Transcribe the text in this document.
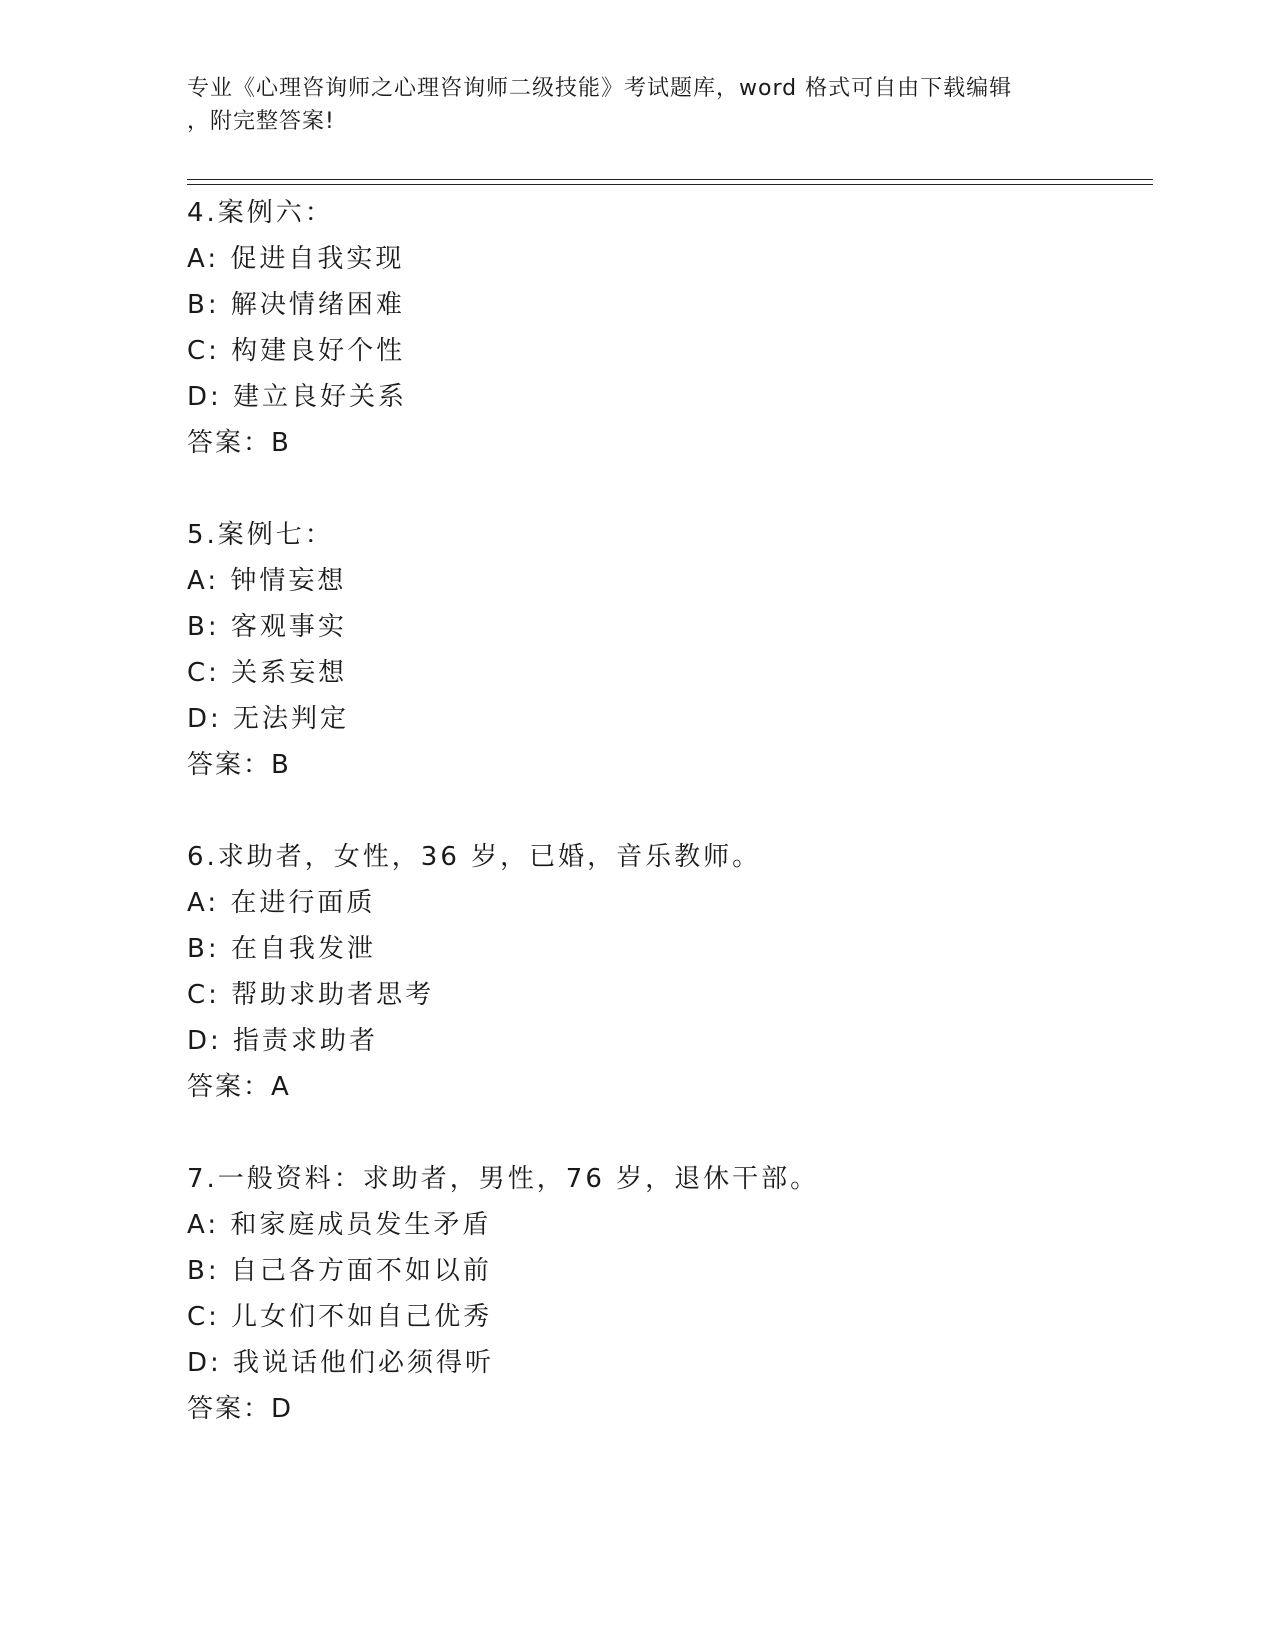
专业《心理咨询师之心理咨询师二级技能》考试题库，word 格式可自由下载编辑
，附完整答案!
4.案例六：
A: 促进自我实现
B: 解决情绪困难
C: 构建良好个性
D: 建立良好关系
答案：B
5.案例七：
A: 钟情妄想
B: 客观事实
C: 关系妄想
D: 无法判定
答案：B
6.求助者，女性，36 岁，已婚，音乐教师。
A: 在进行面质
B: 在自我发泄
C: 帮助求助者思考
D: 指责求助者
答案：A
7.一般资料：求助者，男性，76 岁，退休干部。
A: 和家庭成员发生矛盾
B: 自己各方面不如以前
C: 儿女们不如自己优秀
D: 我说话他们必须得听
答案：D
